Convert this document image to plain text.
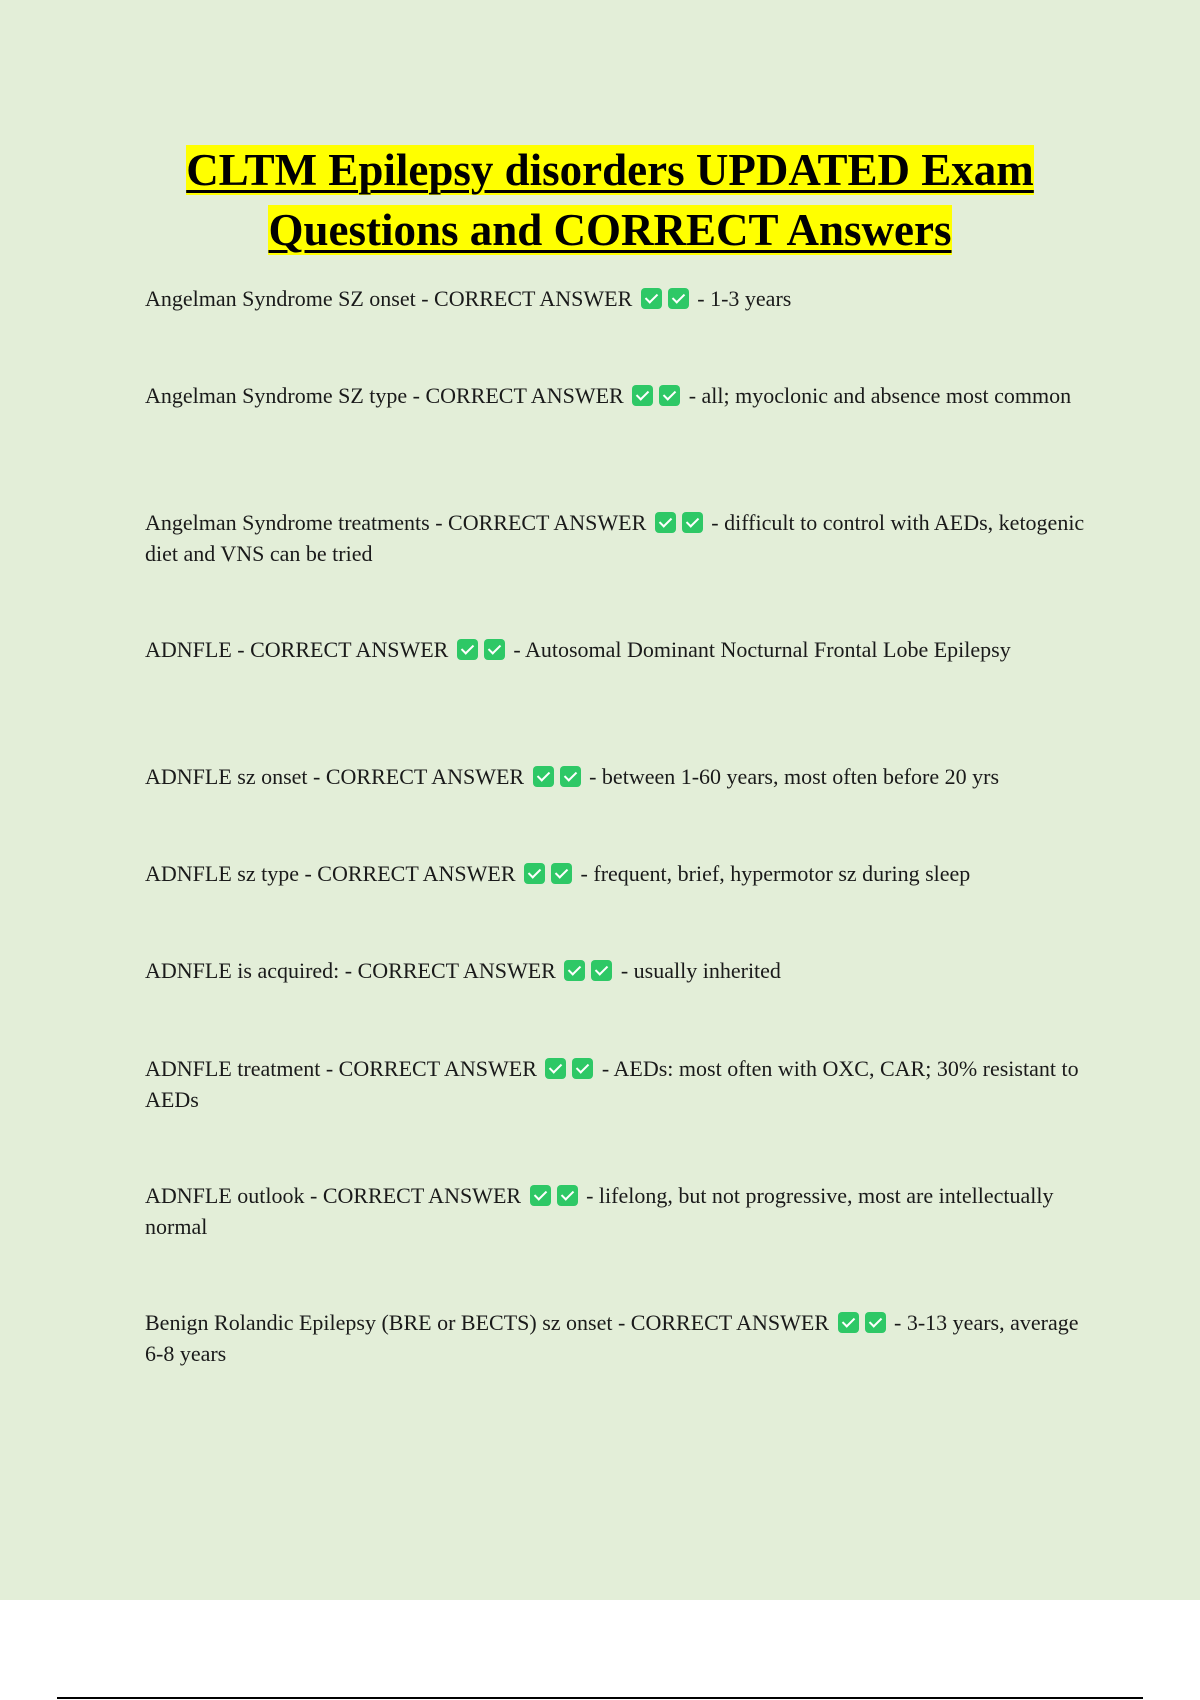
CLTM Epilepsy disorders UPDATED Exam
Questions and CORRECT Answers
Angelman Syndrome SZ onset - CORRECT ANSWER	- 1-3 years
Angelman Syndrome SZ type - CORRECT ANSWER	- all; myoclonic and absence most common
Angelman Syndrome treatments - CORRECT ANSWER	- difficult to control with AEDs, ketogenic diet and VNS can be tried
ADNFLE - CORRECT ANSWER	- Autosomal Dominant Nocturnal Frontal Lobe Epilepsy
ADNFLE sz onset - CORRECT ANSWER	- between 1-60 years, most often before 20 yrs
ADNFLE sz type - CORRECT ANSWER	- frequent, brief, hypermotor sz during sleep
ADNFLE is acquired: - CORRECT ANSWER	- usually inherited
ADNFLE treatment - CORRECT ANSWER	- AEDs: most often with OXC, CAR; 30% resistant to AEDs
ADNFLE outlook - CORRECT ANSWER	- lifelong, but not progressive, most are intellectually normal
Benign Rolandic Epilepsy (BRE or BECTS) sz onset - CORRECT ANSWER	- 3-13 years, average 6-8 years
